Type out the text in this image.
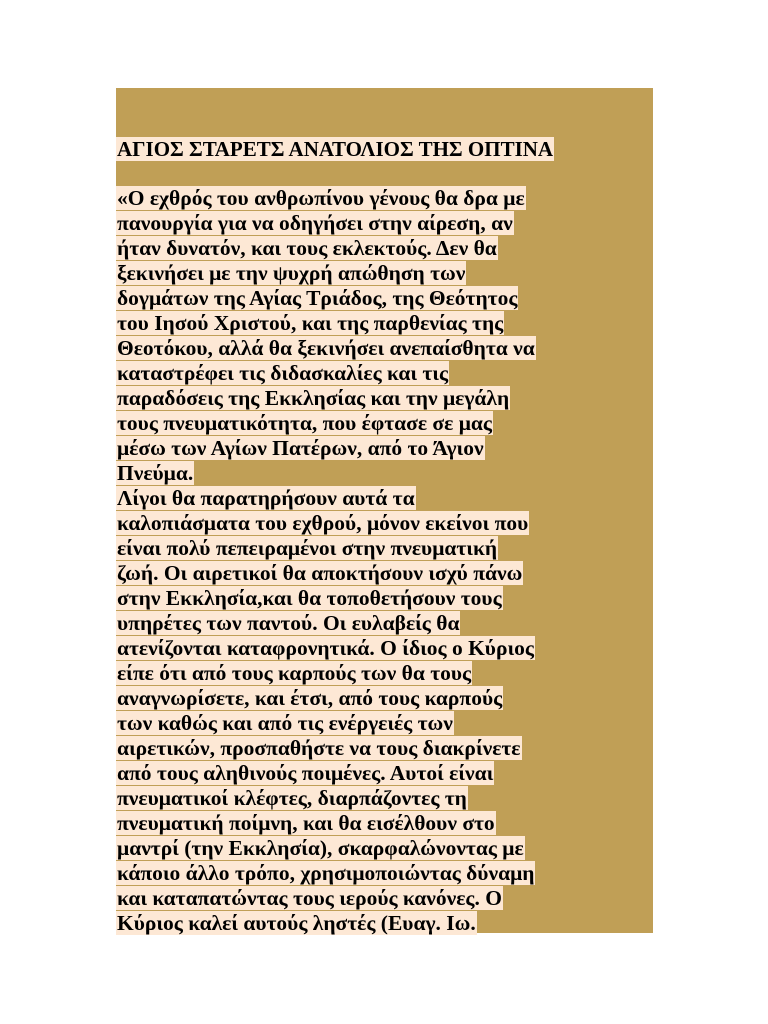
ΑΓΙΟΣ ΣΤΑΡΕΤΣ ΑΝΑΤΟΛΙΟΣ ΤΗΣ ΟΠΤΙΝΑ
«Ο εχθρός του ανθρωπίνου γένους θα δρα με
πανουργία για να οδηγήσει στην αίρεση, αν
ήταν δυνατόν, και τους εκλεκτούς. Δεν θα
ξεκινήσει με την ψυχρή απώθηση των
δογμάτων της Αγίας Τριάδος, της Θεότητος
του Ιησού Χριστού, και της παρθενίας της
Θεοτόκου, αλλά θα ξεκινήσει ανεπαίσθητα να
καταστρέφει τις διδασκαλίες και τις
παραδόσεις της Εκκλησίας και την μεγάλη
τους πνευματικότητα, που έφτασε σε μας
μέσω των Αγίων Πατέρων, από το Άγιον
Πνεύμα.
Λίγοι θα παρατηρήσουν αυτά τα
καλοπιάσματα του εχθρού, μόνον εκείνοι που
είναι πολύ πεπειραμένοι στην πνευματική
ζωή. Οι αιρετικοί θα αποκτήσουν ισχύ πάνω
στην Εκκλησία,και θα τοποθετήσουν τους
υπηρέτες των παντού. Οι ευλαβείς θα
ατενίζονται καταφρονητικά. Ο ίδιος ο Κύριος
είπε ότι από τους καρπούς των θα τους
αναγνωρίσετε, και έτσι, από τους καρπούς
των καθώς και από τις ενέργειές των
αιρετικών, προσπαθήστε να τους διακρίνετε
από τους αληθινούς ποιμένες. Αυτοί είναι
πνευματικοί κλέφτες, διαρπάζοντες τη
πνευματική ποίμνη, και θα εισέλθουν στο
μαντρί (την Εκκλησία), σκαρφαλώνοντας με
κάποιο άλλο τρόπο, χρησιμοποιώντας δύναμη
και καταπατώντας τους ιερούς κανόνες. Ο
Κύριος καλεί αυτούς ληστές (Ευαγ. Ιω.
